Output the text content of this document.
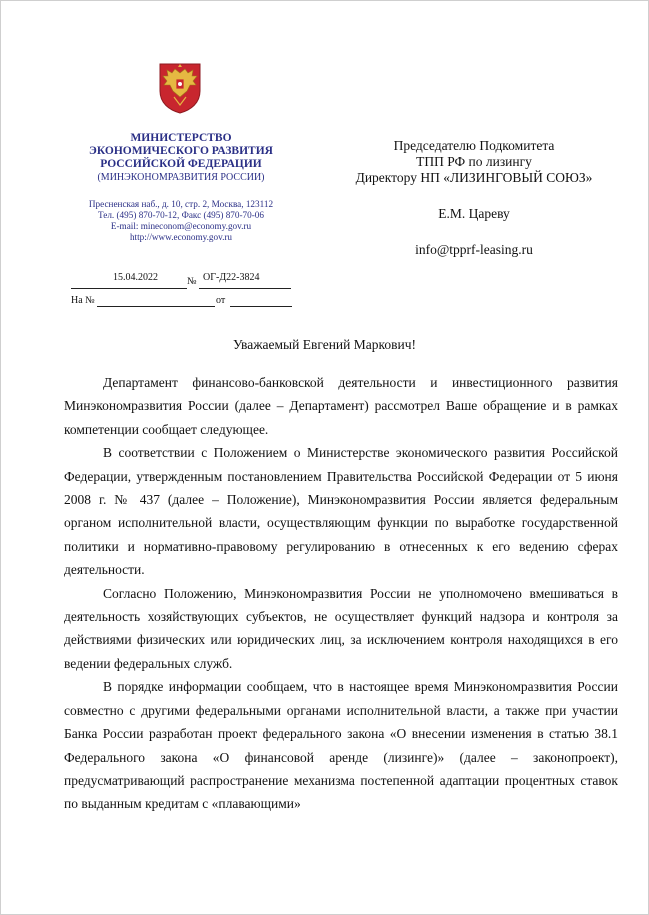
МИНИСТЕРСТВО
ЭКОНОМИЧЕСКОГО РАЗВИТИЯ
РОССИЙСКОЙ ФЕДЕРАЦИИ
(МИНЭКОНОМРАЗВИТИЯ РОССИИ)
Пресненская наб., д. 10, стр. 2, Москва, 123112
Тел. (495) 870-70-12, Факс (495) 870-70-06
E-mail: mineconom@economy.gov.ru
http://www.economy.gov.ru
15.04.2022	№ ОГ-Д22-3824
На №	от
Председателю Подкомитета
ТПП РФ по лизингу
Директору НП «ЛИЗИНГОВЫЙ СОЮЗ»
Е.М. Цареву
info@tpprf-leasing.ru
Уважаемый Евгений Маркович!

Департамент финансово-банковской деятельности и инвестиционного развития Минэкономразвития России (далее – Департамент) рассмотрел Ваше обращение и в рамках компетенции сообщает следующее.

В соответствии с Положением о Министерстве экономического развития Российской Федерации, утвержденным постановлением Правительства Российской Федерации от 5 июня 2008 г. № 437 (далее – Положение), Минэкономразвития России является федеральным органом исполнительной власти, осуществляющим функции по выработке государственной политики и нормативно-правовому регулированию в отнесенных к его ведению сферах деятельности.

Согласно Положению, Минэкономразвития России не уполномочено вмешиваться в деятельность хозяйствующих субъектов, не осуществляет функций надзора и контроля за действиями физических или юридических лиц, за исключением контроля находящихся в его ведении федеральных служб.

В порядке информации сообщаем, что в настоящее время Минэкономразвития России совместно с другими федеральными органами исполнительной власти, а также при участии Банка России разработан проект федерального закона «О внесении изменения в статью 38.1 Федерального закона «О финансовой аренде (лизинге)» (далее – законопроект), предусматривающий распространение механизма постепенной адаптации процентных ставок по выданным кредитам с «плавающими»
